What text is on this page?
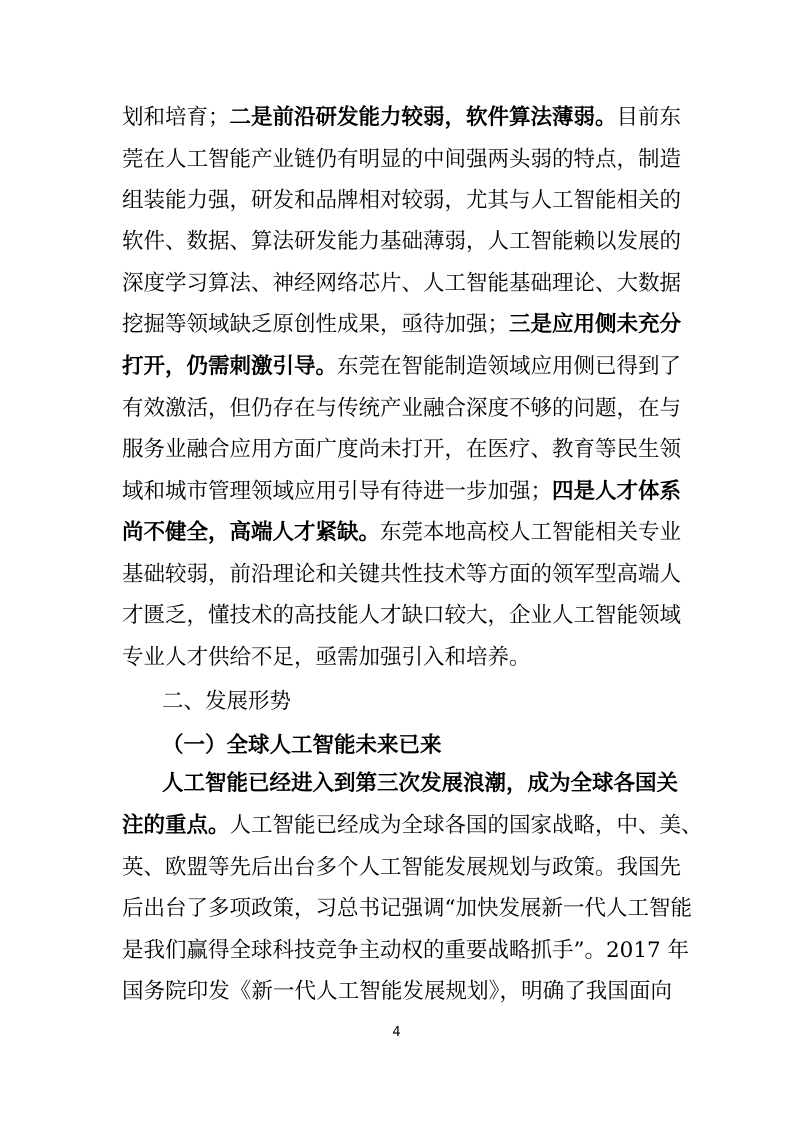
划和培育；二是前沿研发能力较弱，软件算法薄弱。目前东
莞在人工智能产业链仍有明显的中间强两头弱的特点，制造
组装能力强，研发和品牌相对较弱，尤其与人工智能相关的
软件、数据、算法研发能力基础薄弱，人工智能赖以发展的
深度学习算法、神经网络芯片、人工智能基础理论、大数据
挖掘等领域缺乏原创性成果，亟待加强；三是应用侧未充分
打开，仍需刺激引导。东莞在智能制造领域应用侧已得到了
有效激活，但仍存在与传统产业融合深度不够的问题，在与
服务业融合应用方面广度尚未打开，在医疗、教育等民生领
域和城市管理领域应用引导有待进一步加强；四是人才体系
尚不健全，高端人才紧缺。东莞本地高校人工智能相关专业
基础较弱，前沿理论和关键共性技术等方面的领军型高端人
才匮乏，懂技术的高技能人才缺口较大，企业人工智能领域
专业人才供给不足，亟需加强引入和培养。
二、发展形势
（一）全球人工智能未来已来
人工智能已经进入到第三次发展浪潮，成为全球各国关
注的重点。人工智能已经成为全球各国的国家战略，中、美、
英、欧盟等先后出台多个人工智能发展规划与政策。我国先
后出台了多项政策，习总书记强调“加快发展新一代人工智能
是我们赢得全球科技竞争主动权的重要战略抓手”。2017 年
国务院印发《新一代人工智能发展规划》，明确了我国面向
4
